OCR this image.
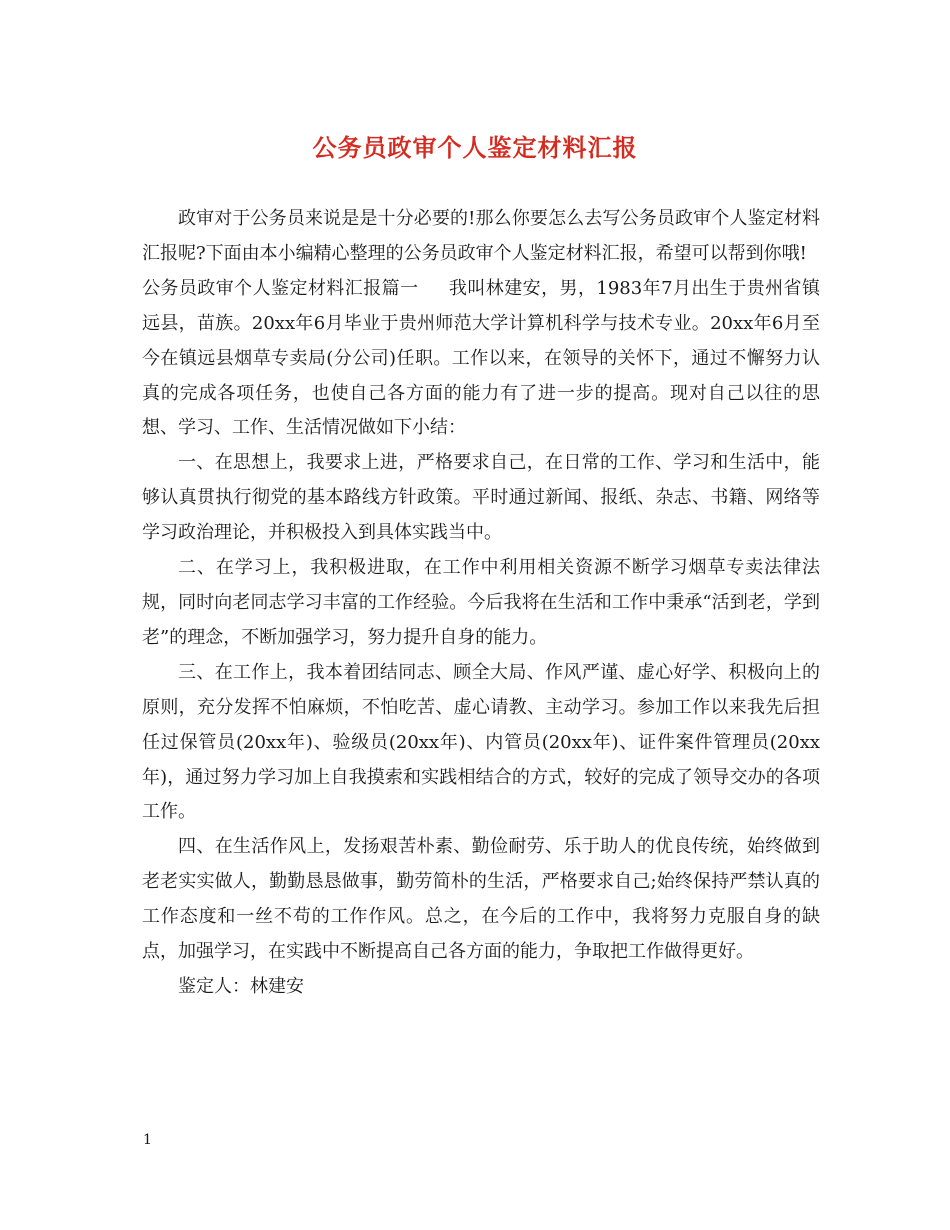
公务员政审个人鉴定材料汇报

政审对于公务员来说是是十分必要的!那么你要怎么去写公务员政审个人鉴定材料汇报呢?下面由本小编精心整理的公务员政审个人鉴定材料汇报，希望可以帮到你哦!

公务员政审个人鉴定材料汇报篇一 我叫林建安，男，1983年7月出生于贵州省镇远县，苗族。20xx年6月毕业于贵州师范大学计算机科学与技术专业。20xx年6月至今在镇远县烟草专卖局(分公司)任职。工作以来，在领导的关怀下，通过不懈努力认真的完成各项任务，也使自己各方面的能力有了进一步的提高。现对自己以往的思想、学习、工作、生活情况做如下小结：

一、在思想上，我要求上进，严格要求自己，在日常的工作、学习和生活中，能够认真贯执行彻党的基本路线方针政策。平时通过新闻、报纸、杂志、书籍、网络等学习政治理论，并积极投入到具体实践当中。

二、在学习上，我积极进取，在工作中利用相关资源不断学习烟草专卖法律法规，同时向老同志学习丰富的工作经验。今后我将在生活和工作中秉承“活到老，学到老”的理念，不断加强学习，努力提升自身的能力。

三、在工作上，我本着团结同志、顾全大局、作风严谨、虚心好学、积极向上的原则，充分发挥不怕麻烦，不怕吃苦、虚心请教、主动学习。参加工作以来我先后担任过保管员(20xx年)、验级员(20xx年)、内管员(20xx年)、证件案件管理员(20xx年)，通过努力学习加上自我摸索和实践相结合的方式，较好的完成了领导交办的各项工作。

四、在生活作风上，发扬艰苦朴素、勤俭耐劳、乐于助人的优良传统，始终做到老老实实做人，勤勤恳恳做事，勤劳简朴的生活，严格要求自己;始终保持严禁认真的工作态度和一丝不苟的工作作风。总之，在今后的工作中，我将努力克服自身的缺点，加强学习，在实践中不断提高自己各方面的能力，争取把工作做得更好。

鉴定人：林建安

1
